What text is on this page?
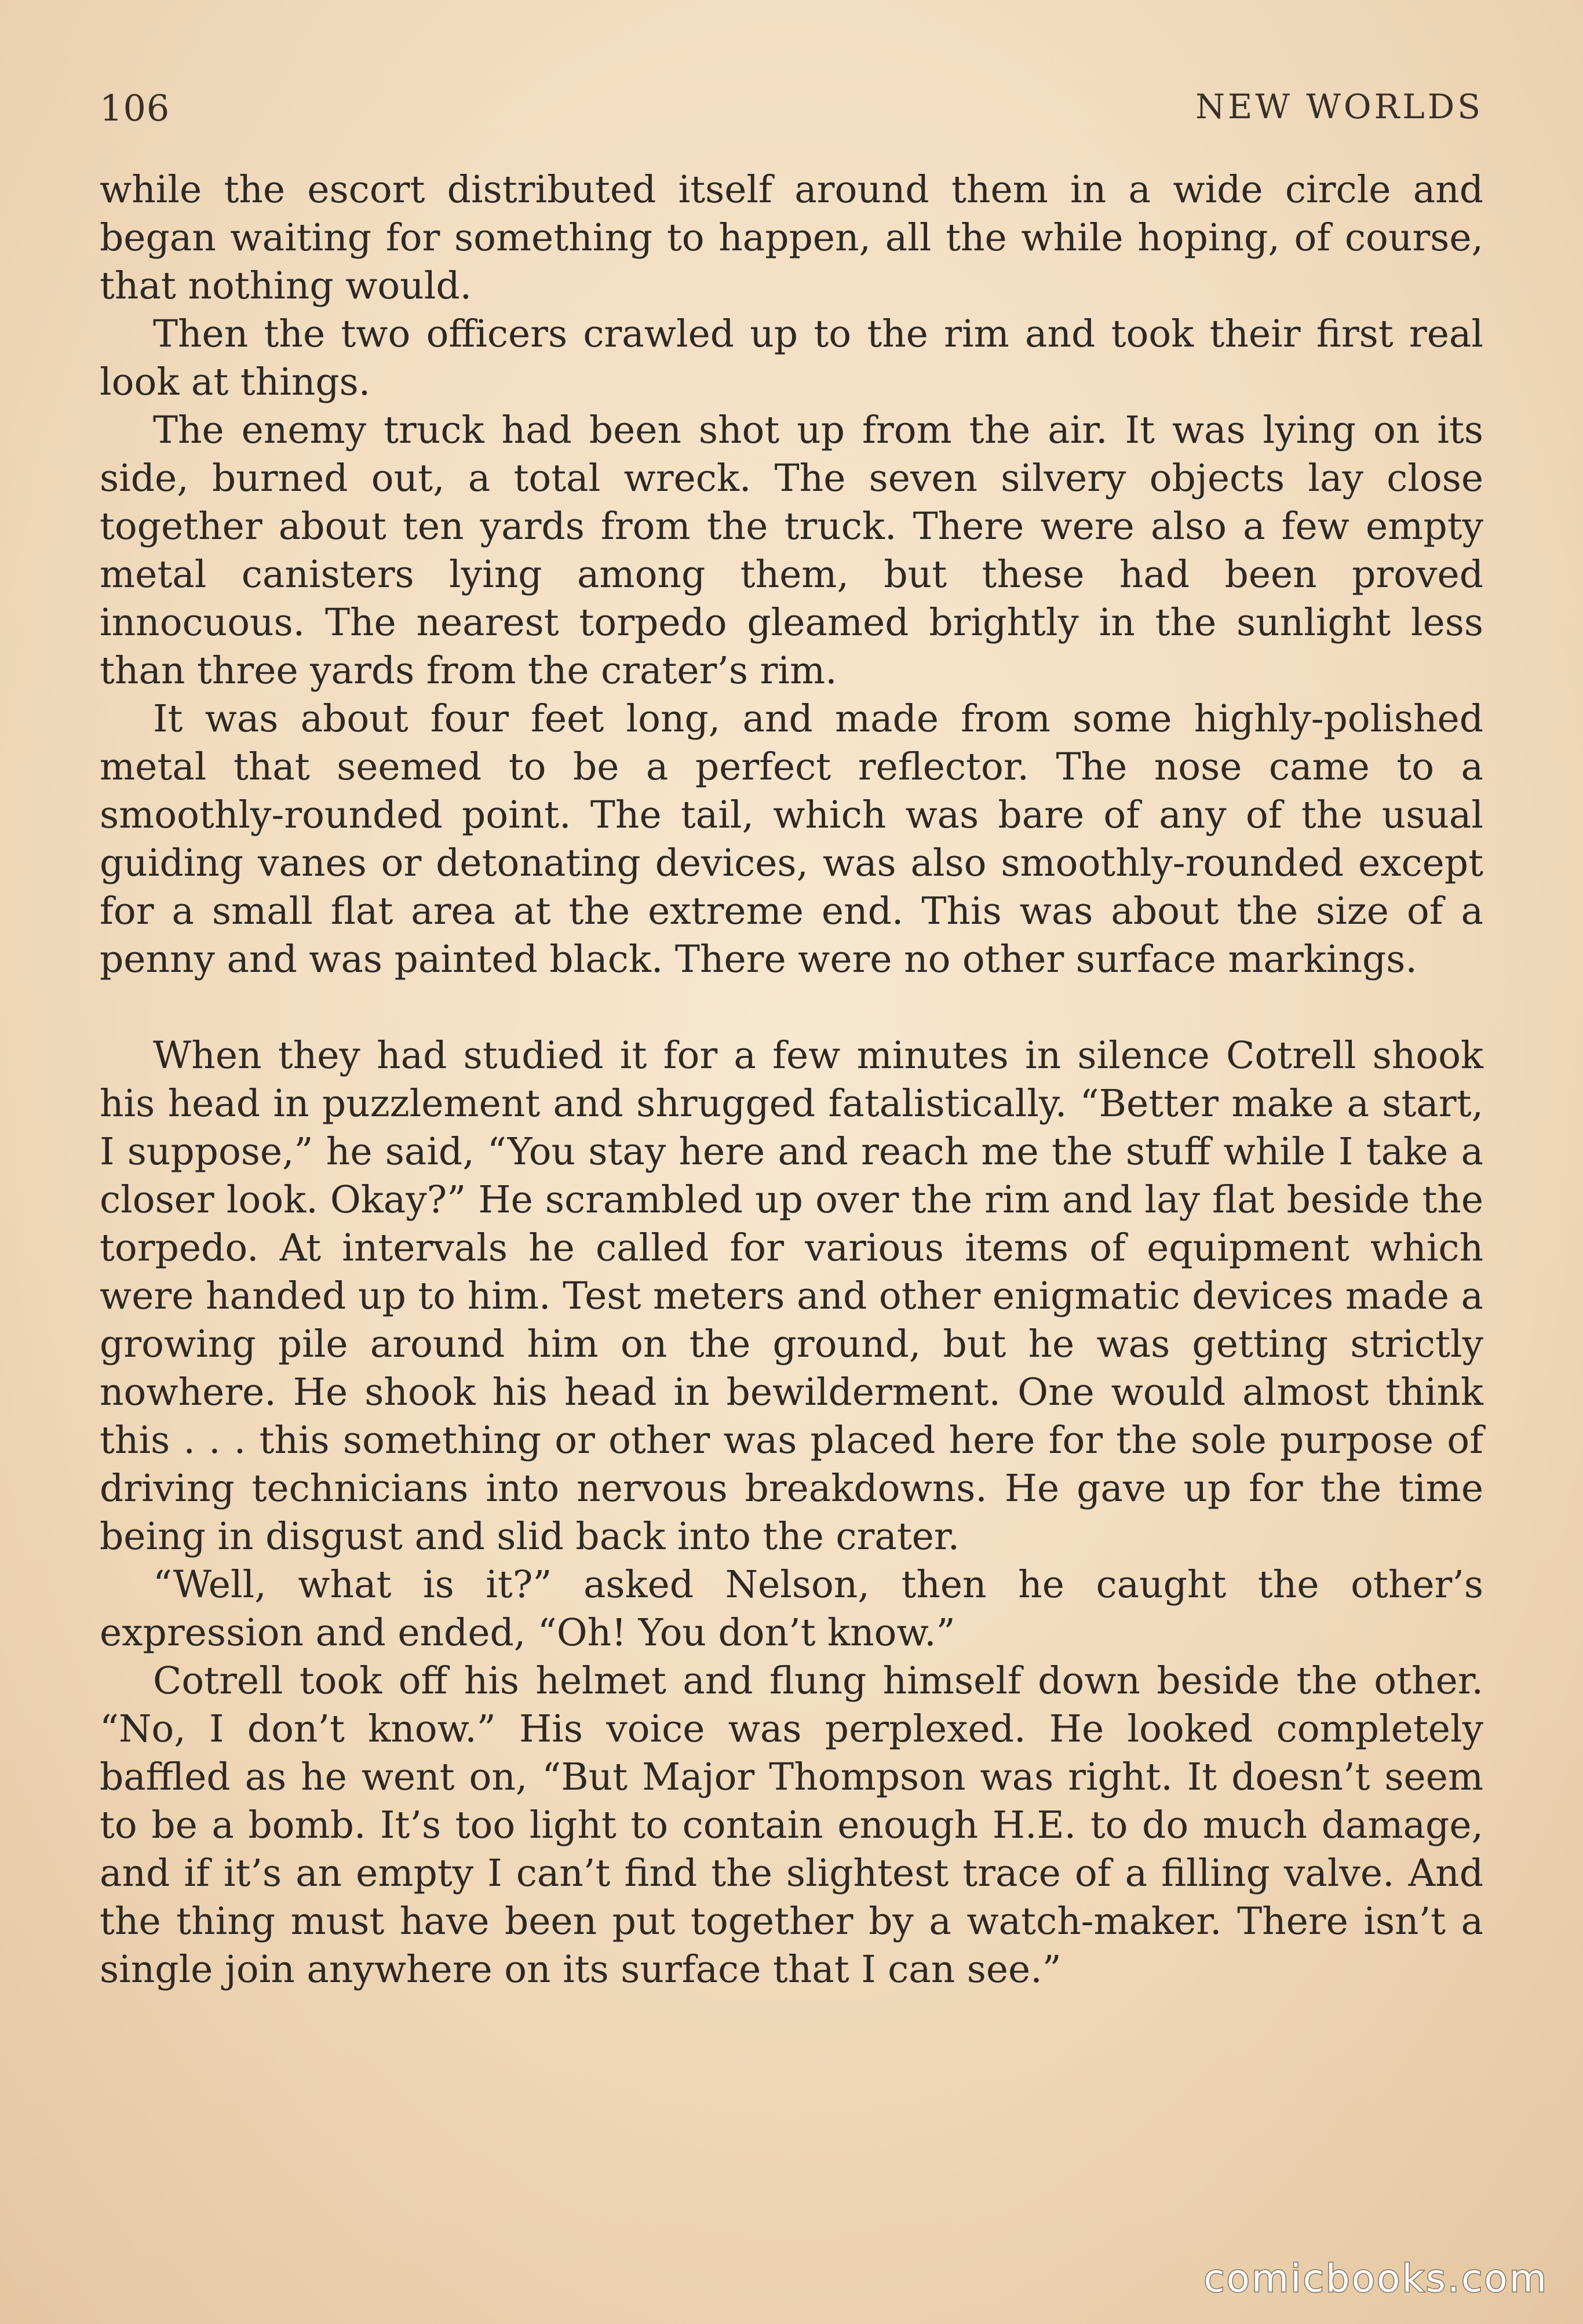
106	NEW WORLDS

while the escort distributed itself around them in a wide circle and began waiting for something to happen, all the while hoping, of course, that nothing would.

Then the two officers crawled up to the rim and took their first real look at things.

The enemy truck had been shot up from the air. It was lying on its side, burned out, a total wreck. The seven silvery objects lay close together about ten yards from the truck. There were also a few empty metal canisters lying among them, but these had been proved innocuous. The nearest torpedo gleamed brightly in the sunlight less than three yards from the crater’s rim.

It was about four feet long, and made from some highly-polished metal that seemed to be a perfect reflector. The nose came to a smoothly-rounded point. The tail, which was bare of any of the usual guiding vanes or detonating devices, was also smoothly-rounded except for a small flat area at the extreme end. This was about the size of a penny and was painted black. There were no other surface markings.

When they had studied it for a few minutes in silence Cotrell shook his head in puzzlement and shrugged fatalistically. “Better make a start, I suppose,” he said, “You stay here and reach me the stuff while I take a closer look. Okay?” He scrambled up over the rim and lay flat beside the torpedo. At intervals he called for various items of equipment which were handed up to him. Test meters and other enigmatic devices made a growing pile around him on the ground, but he was getting strictly nowhere. He shook his head in bewilderment. One would almost think this . . . this something or other was placed here for the sole purpose of driving technicians into nervous breakdowns. He gave up for the time being in disgust and slid back into the crater.

“Well, what is it?” asked Nelson, then he caught the other’s expression and ended, “Oh! You don’t know.”

Cotrell took off his helmet and flung himself down beside the other. “No, I don’t know.” His voice was perplexed. He looked completely baffled as he went on, “But Major Thompson was right. It doesn’t seem to be a bomb. It’s too light to contain enough H.E. to do much damage, and if it’s an empty I can’t find the slightest trace of a filling valve. And the thing must have been put together by a watch-maker. There isn’t a single join anywhere on its surface that I can see.”

comicbooks.com
